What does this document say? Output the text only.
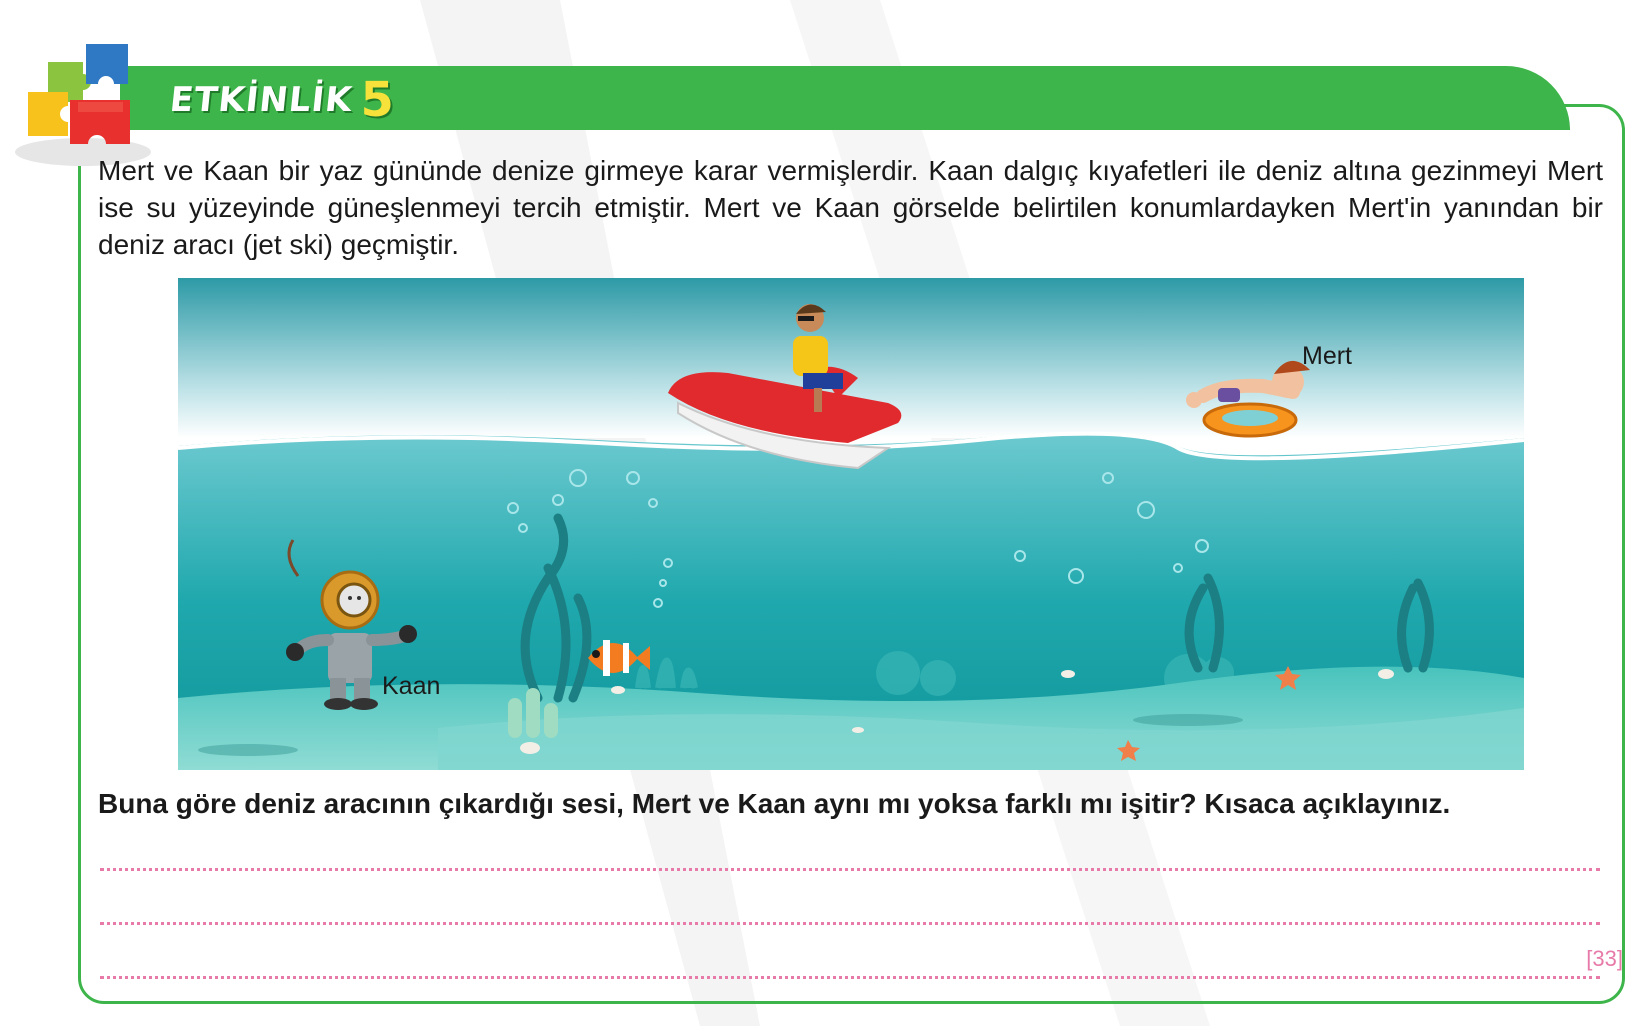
ETKİNLİK 5
Mert ve Kaan bir yaz gününde denize girmeye karar vermişlerdir. Kaan dalgıç kıyafetleri ile deniz altına gezinmeyi Mert ise su yüzeyinde güneşlenmeyi tercih etmiştir. Mert ve Kaan görselde belirtilen konumlardayken Mert'in yanından bir deniz aracı (jet ski) geçmiştir.
Mert
Kaan
Buna göre deniz aracının çıkardığı sesi, Mert ve Kaan aynı mı yoksa farklı mı işitir? Kısaca açıklayınız.
[33]
